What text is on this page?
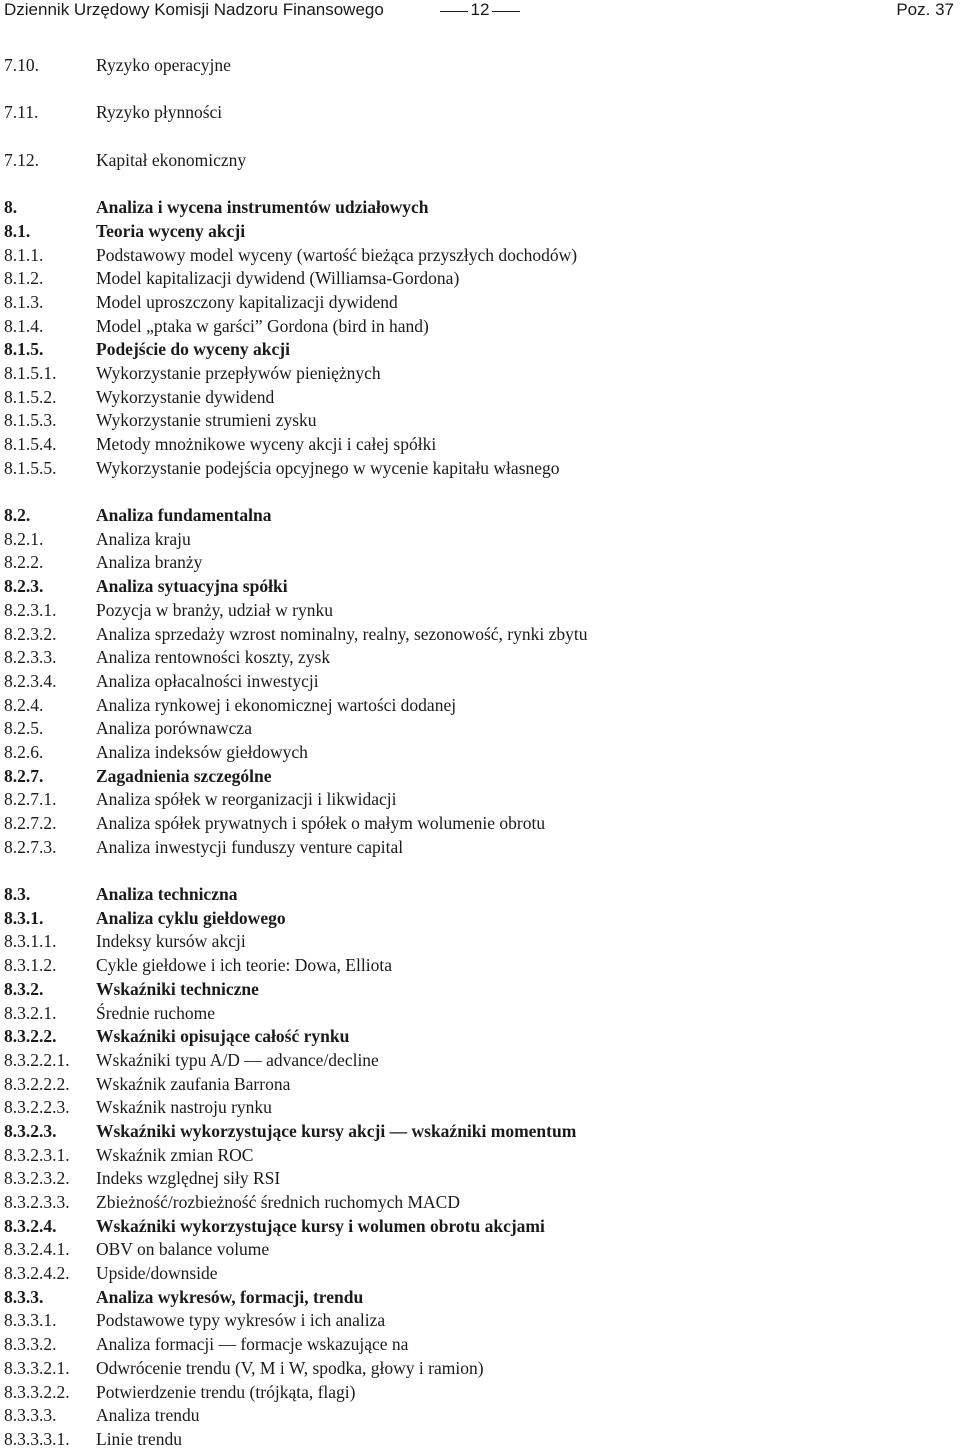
Dziennik Urzędowy Komisji Nadzoru Finansowego	12	Poz. 37
7.10.	Ryzyko operacyjne
7.11.	Ryzyko płynności
7.12.	Kapitał ekonomiczny
8.	Analiza i wycena instrumentów udziałowych
8.1.	Teoria wyceny akcji
8.1.1.	Podstawowy model wyceny (wartość bieżąca przyszłych dochodów)
8.1.2.	Model kapitalizacji dywidend (Williamsa-Gordona)
8.1.3.	Model uproszczony kapitalizacji dywidend
8.1.4.	Model „ptaka w garści” Gordona (bird in hand)
8.1.5.	Podejście do wyceny akcji
8.1.5.1. Wykorzystanie przepływów pieniężnych
8.1.5.2. Wykorzystanie dywidend
8.1.5.3. Wykorzystanie strumieni zysku
8.1.5.4. Metody mnożnikowe wyceny akcji i całej spółki
8.1.5.5. Wykorzystanie podejścia opcyjnego w wycenie kapitału własnego
8.2.	Analiza fundamentalna
8.2.1.	Analiza kraju
8.2.2.	Analiza branży
8.2.3.	Analiza sytuacyjna spółki
8.2.3.1. Pozycja w branży, udział w rynku
8.2.3.2. Analiza sprzedaży wzrost nominalny, realny, sezonowość, rynki zbytu
8.2.3.3. Analiza rentowności koszty, zysk
8.2.3.4. Analiza opłacalności inwestycji
8.2.4.	Analiza rynkowej i ekonomicznej wartości dodanej
8.2.5.	Analiza porównawcza
8.2.6.	Analiza indeksów giełdowych
8.2.7.	Zagadnienia szczególne
8.2.7.1. Analiza spółek w reorganizacji i likwidacji
8.2.7.2. Analiza spółek prywatnych i spółek o małym wolumenie obrotu
8.2.7.3. Analiza inwestycji funduszy venture capital
8.3.	Analiza techniczna
8.3.1.	Analiza cyklu giełdowego
8.3.1.1. Indeksy kursów akcji
8.3.1.2. Cykle giełdowe i ich teorie: Dowa, Elliota
8.3.2.	Wskaźniki techniczne
8.3.2.1. Średnie ruchome
8.3.2.2. Wskaźniki opisujące całość rynku
8.3.2.2.1. Wskaźniki typu A/D — advance/decline
8.3.2.2.2. Wskaźnik zaufania Barrona
8.3.2.2.3. Wskaźnik nastroju rynku
8.3.2.3. Wskaźniki wykorzystujące kursy akcji — wskaźniki momentum
8.3.2.3.1. Wskaźnik zmian ROC
8.3.2.3.2. Indeks względnej siły RSI
8.3.2.3.3. Zbieżność/rozbieżność średnich ruchomych MACD
8.3.2.4. Wskaźniki wykorzystujące kursy i wolumen obrotu akcjami
8.3.2.4.1. OBV on balance volume
8.3.2.4.2. Upside/downside
8.3.3.	Analiza wykresów, formacji, trendu
8.3.3.1. Podstawowe typy wykresów i ich analiza
8.3.3.2. Analiza formacji — formacje wskazujące na
8.3.3.2.1. Odwrócenie trendu (V, M i W, spodka, głowy i ramion)
8.3.3.2.2. Potwierdzenie trendu (trójkąta, flagi)
8.3.3.3. Analiza trendu
8.3.3.3.1. Linie trendu
